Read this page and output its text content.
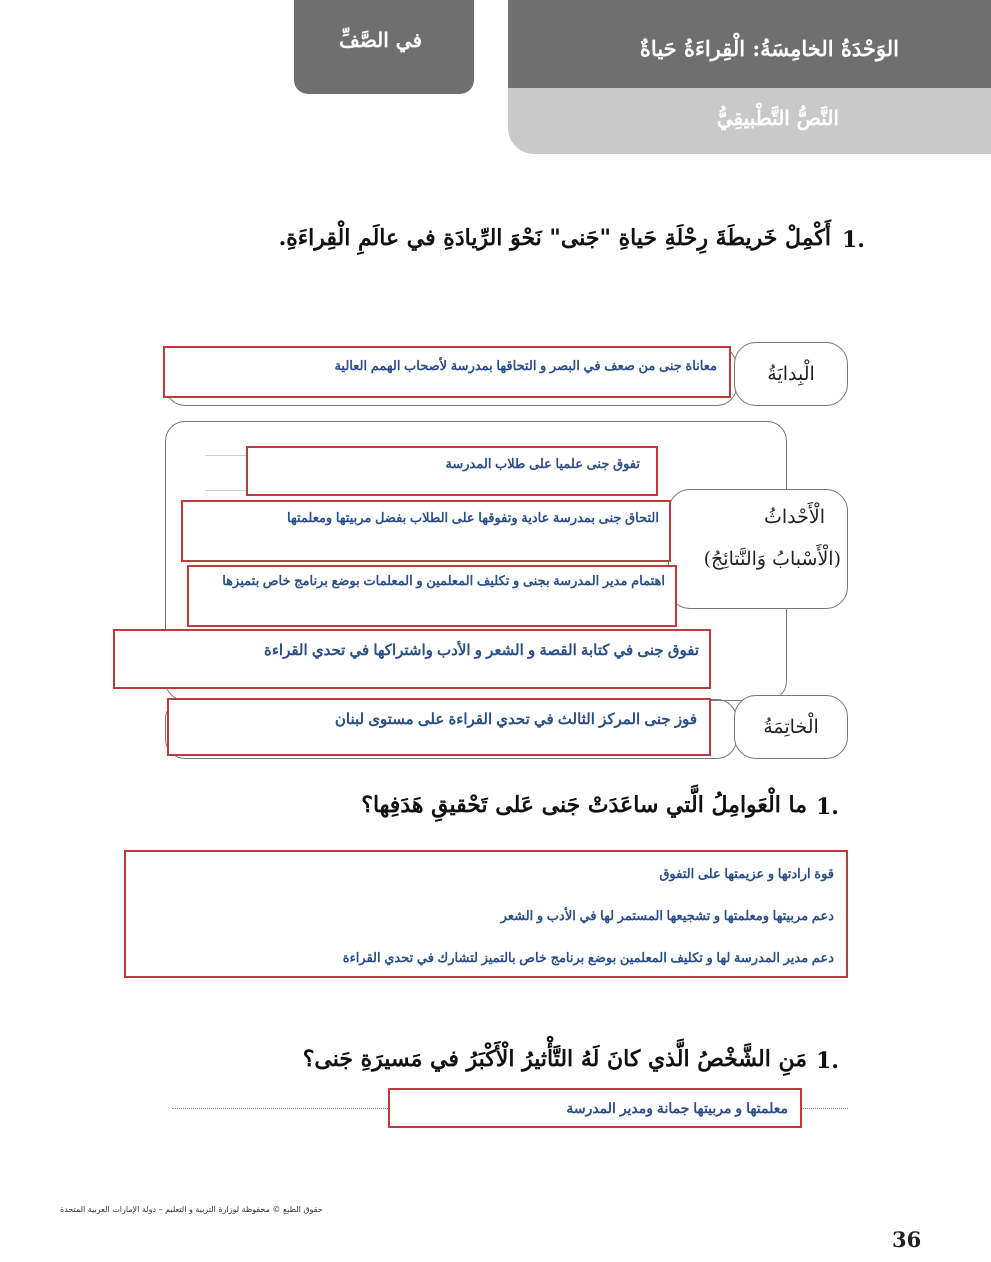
الوَحْدَةُ الخامِسَةُ: الْقِراءَةُ حَياةٌ
النَّصُّ التَّطْبيقِيُّ
في الصَّفِّ
1.
أَكْمِلْ خَريطَةَ رِحْلَةِ حَياةِ "جَنى" نَحْوَ الرِّيادَةِ في عالَمِ الْقِراءَةِ.
الْبِدايَةُ
الْأَحْداثُ
(الْأَسْبابُ وَالنَّتائِجُ)
الْخاتِمَةُ
معاناة جنى من صعف في البصر و التحاقها بمدرسة لأصحاب الهمم العالية
تفوق جنى علميا على طلاب المدرسة
التحاق جنى بمدرسة عادية وتفوقها على الطلاب بفضل مربيتها ومعلمتها
اهتمام مدير المدرسة بجنى و تكليف المعلمين و المعلمات بوضع برنامج خاص بتميزها
تفوق جنى في كتابة القصة و الشعر و الأدب واشتراكها في تحدي القراءة
فوز جنى المركز الثالث في تحدي القراءة على مستوى لبنان
1.
ما الْعَوامِلُ الَّتي ساعَدَتْ جَنى عَلى تَحْقيقِ هَدَفِها؟
قوة ارادتها و عزيمتها على التفوق
دعم مربيتها ومعلمتها و تشجيعها المستمر لها في الأدب و الشعر
دعم مدير المدرسة لها و تكليف المعلمين بوضع برنامج خاص بالتميز لتشارك في تحدي القراءة
1.
مَنِ الشَّخْصُ الَّذي كانَ لَهُ التَّأْثيرُ الْأَكْبَرُ في مَسيرَةِ جَنى؟
معلمتها و مربيتها جمانة ومدير المدرسة
حقوق الطبع © محفوظة لوزارة التربية و التعليم – دولة الإمارات العربية المتحدة
36
